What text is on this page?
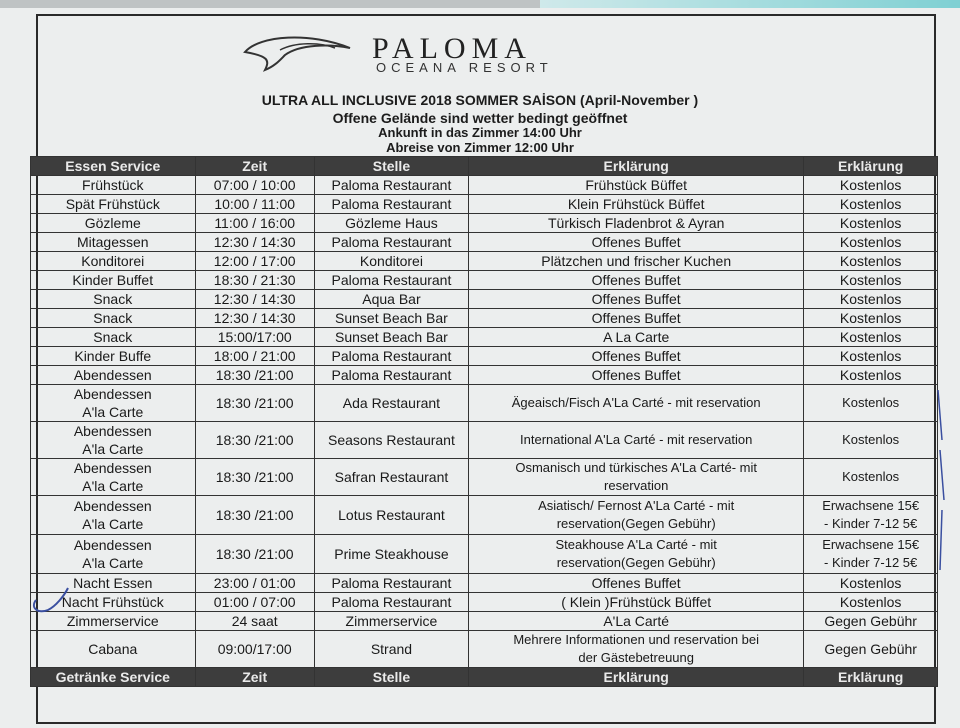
PALOMA
OCEANA RESORT
ULTRA ALL INCLUSIVE 2018 SOMMER SAİSON (April-November )
Offene Gelände sind wetter bedingt geöffnet
Ankunft in das Zimmer 14:00 Uhr
Abreise von Zimmer 12:00 Uhr
Essen Service	Zeit	Stelle	Erklärung	Erklärung
Frühstück	07:00 / 10:00	Paloma Restaurant	Frühstück Büffet	Kostenlos
Spät Frühstück	10:00 / 11:00	Paloma Restaurant	Klein Frühstück Büffet	Kostenlos
Gözleme	11:00 / 16:00	Gözleme Haus	Türkisch Fladenbrot & Ayran	Kostenlos
Mitagessen	12:30 / 14:30	Paloma Restaurant	Offenes Buffet	Kostenlos
Konditorei	12:00 / 17:00	Konditorei	Plätzchen und frischer Kuchen	Kostenlos
Kinder Buffet	18:30 / 21:30	Paloma Restaurant	Offenes Buffet	Kostenlos
Snack	12:30 / 14:30	Aqua Bar	Offenes Buffet	Kostenlos
Snack	12:30 / 14:30	Sunset Beach Bar	Offenes Buffet	Kostenlos
Snack	15:00/17:00	Sunset Beach Bar	A La Carte	Kostenlos
Kinder Buffe	18:00 / 21:00	Paloma Restaurant	Offenes Buffet	Kostenlos
Abendessen	18:30 /21:00	Paloma Restaurant	Offenes Buffet	Kostenlos

Abendessen
A'la Carte	18:30 /21:00	Ada Restaurant	Ägeaisch/Fisch A'La Carté - mit reservation	Kostenlos

Abendessen
A'la Carte	18:30 /21:00	Seasons Restaurant	International A'La Carté - mit reservation	Kostenlos

Abendessen
A'la Carte	18:30 /21:00	Safran Restaurant	Osmanisch und türkisches A'La Carté- mit
reservation	Kostenlos

Abendessen
A'la Carte	18:30 /21:00	Lotus Restaurant	Asiatisch/ Fernost A'La Carté - mit
reservation(Gegen Gebühr)	Erwachsene 15€
- Kinder 7-12 5€

Abendessen
A'la Carte	18:30 /21:00	Prime Steakhouse	Steakhouse A'La Carté - mit
reservation(Gegen Gebühr)	Erwachsene 15€
- Kinder 7-12 5€

Nacht Essen	23:00 / 01:00	Paloma Restaurant	Offenes Buffet	Kostenlos
Nacht Frühstück	01:00 / 07:00	Paloma Restaurant	( Klein )Frühstück Büffet	Kostenlos
Zimmerservice	24 saat	Zimmerservice	A'La Carté	Gegen Gebühr
Cabana	09:00/17:00	Strand	Mehrere Informationen und reservation bei
der Gästebetreuung	Gegen Gebühr
Getränke Service	Zeit	Stelle	Erklärung	Erklärung
